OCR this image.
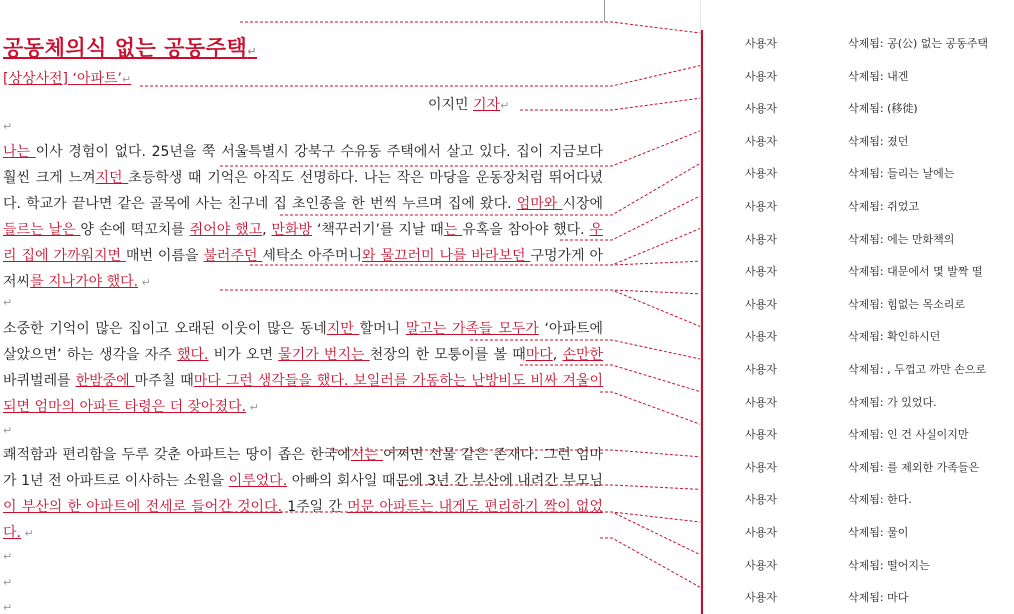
공동체의식 없는 공동주택↵
[상상사전] ‘아파트’↵
이지민 기자↵
↵
나는 이사 경험이 없다. 25년을 쭉 서울특별시 강북구 수유동 주택에서 살고 있다. 집이 지금보다 훨씬 크게 느껴지던 초등학생 때 기억은 아직도 선명하다. 나는 작은 마당을 운동장처럼 뛰어다녔다. 학교가 끝나면 같은 골목에 사는 친구네 집 초인종을 한 번씩 누르며 집에 왔다. 엄마와 시장에 들르는 날은 양 손에 떡꼬치를 쥐어야 했고, 만화방 ‘책꾸러기’를 지날 때는 유혹을 참아야 했다. 우리 집에 가까워지면 매번 이름을 불러주던 세탁소 아주머니와 물끄러미 나를 바라보던 구멍가게 아저씨를 지나가야 했다. ↵
↵
소중한 기억이 많은 집이고 오래된 이웃이 많은 동네지만 할머니 말고는 가족들 모두가 ‘아파트에 살았으면’ 하는 생각을 자주 했다. 비가 오면 물기가 번지는 천장의 한 모퉁이를 볼 때마다, 손만한 바퀴벌레를 한밤중에 마주칠 때마다 그런 생각들을 했다. 보일러를 가동하는 난방비도 비싸 겨울이 되면 엄마의 아파트 타령은 더 잦아졌다. ↵
↵
쾌적함과 편리함을 두루 갖춘 아파트는 땅이 좁은 한국에서는 어쩌면 선물 같은 존재다. 그런 엄마가 1년 전 아파트로 이사하는 소원을 이루었다. 아빠의 회사일 때문에 3년 간 부산에 내려간 부모님이 부산의 한 아파트에 전세로 들어간 것이다. 1주일 간 머문 아파트는 내게도 편리하기 짝이 없었다. ↵
↵
↵
↵
사용자	삭제됨: 공(公) 없는 공동주택
사용자	삭제됨: 내겐
사용자	삭제됨: (移徙)
사용자	삭제됨: 졌던
사용자	삭제됨: 들리는 날에는
사용자	삭제됨: 쥐었고
사용자	삭제됨: 에는 만화책의
사용자	삭제됨: 대문에서 몇 발짝 떨
사용자	삭제됨: 힘없는 목소리로
사용자	삭제됨: 확인하시던
사용자	삭제됨: , 두껍고 까만 손으로
사용자	삭제됨: 가 있었다.
사용자	삭제됨: 인 건 사실이지만
사용자	삭제됨: 를 제외한 가족들은
사용자	삭제됨: 한다.
사용자	삭제됨: 물이
사용자	삭제됨: 떨어지는
사용자	삭제됨: 마다
